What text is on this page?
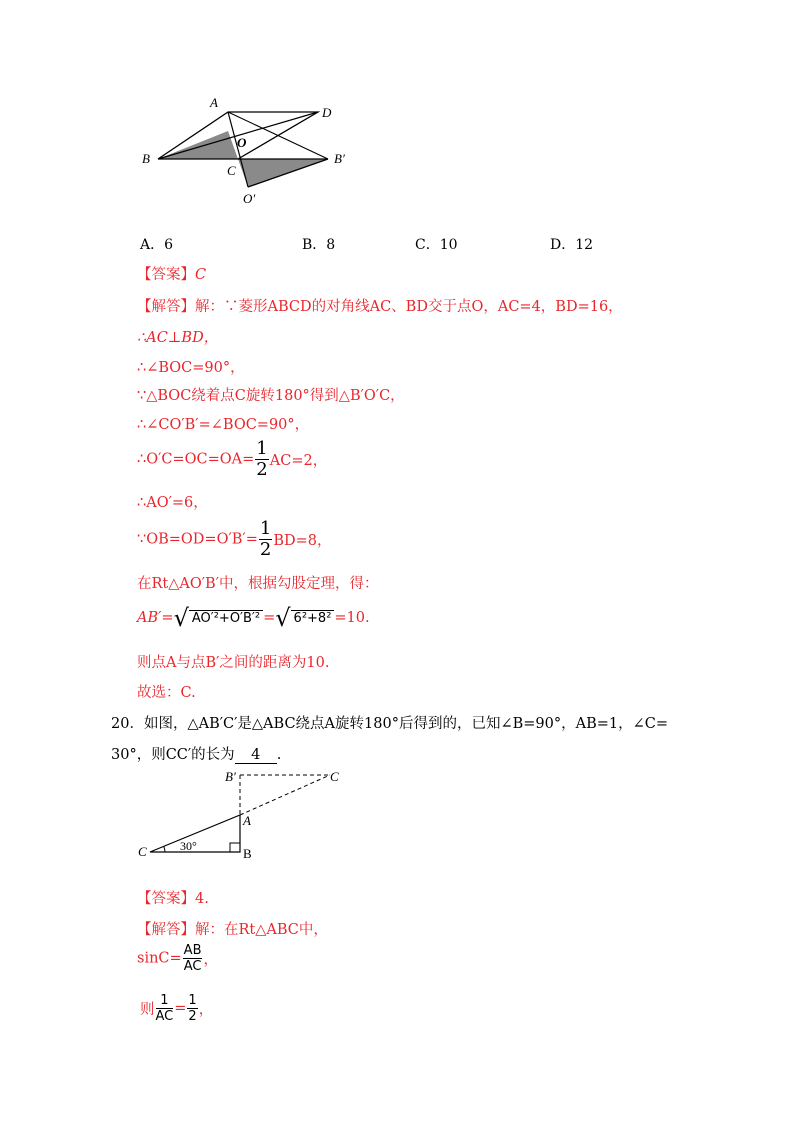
A
D
O
B
C
B′
O′
A．6	B．8	C．10	D．12
【答案】C
【解答】解：∵菱形ABCD的对角线AC、BD交于点O，AC=4，BD=16，
∴AC⊥BD，
∴∠BOC=90°，
∵△BOC绕着点C旋转180°得到△B′O′C，
∴∠CO′B′=∠BOC=90°，
∴O′C=OC=OA= $\frac{1}{2} AC=2$，
∴AO′=6，
∵OB=OD=O′B′= $\frac{1}{2} BD=8$，
在Rt△AO′B′中，根据勾股定理，得：
AB′=√ AO′²+O′B′² =√ 6²+8² =10.
则点A与点B′之间的距离为10.
故选：C.
20．如图，△AB′C′是△ABC绕点A旋转180°后得到的，已知∠B=90°，AB=1，∠C=
30°，则CC′的长为 4 .
B′	C
A
C	B
30°
【答案】4.
【解答】解：在Rt△ABC中，
$\sin C= \frac{AB}{AC}$ ，
则 $\frac{1}{AC} = \frac{1}{2}$ ，
